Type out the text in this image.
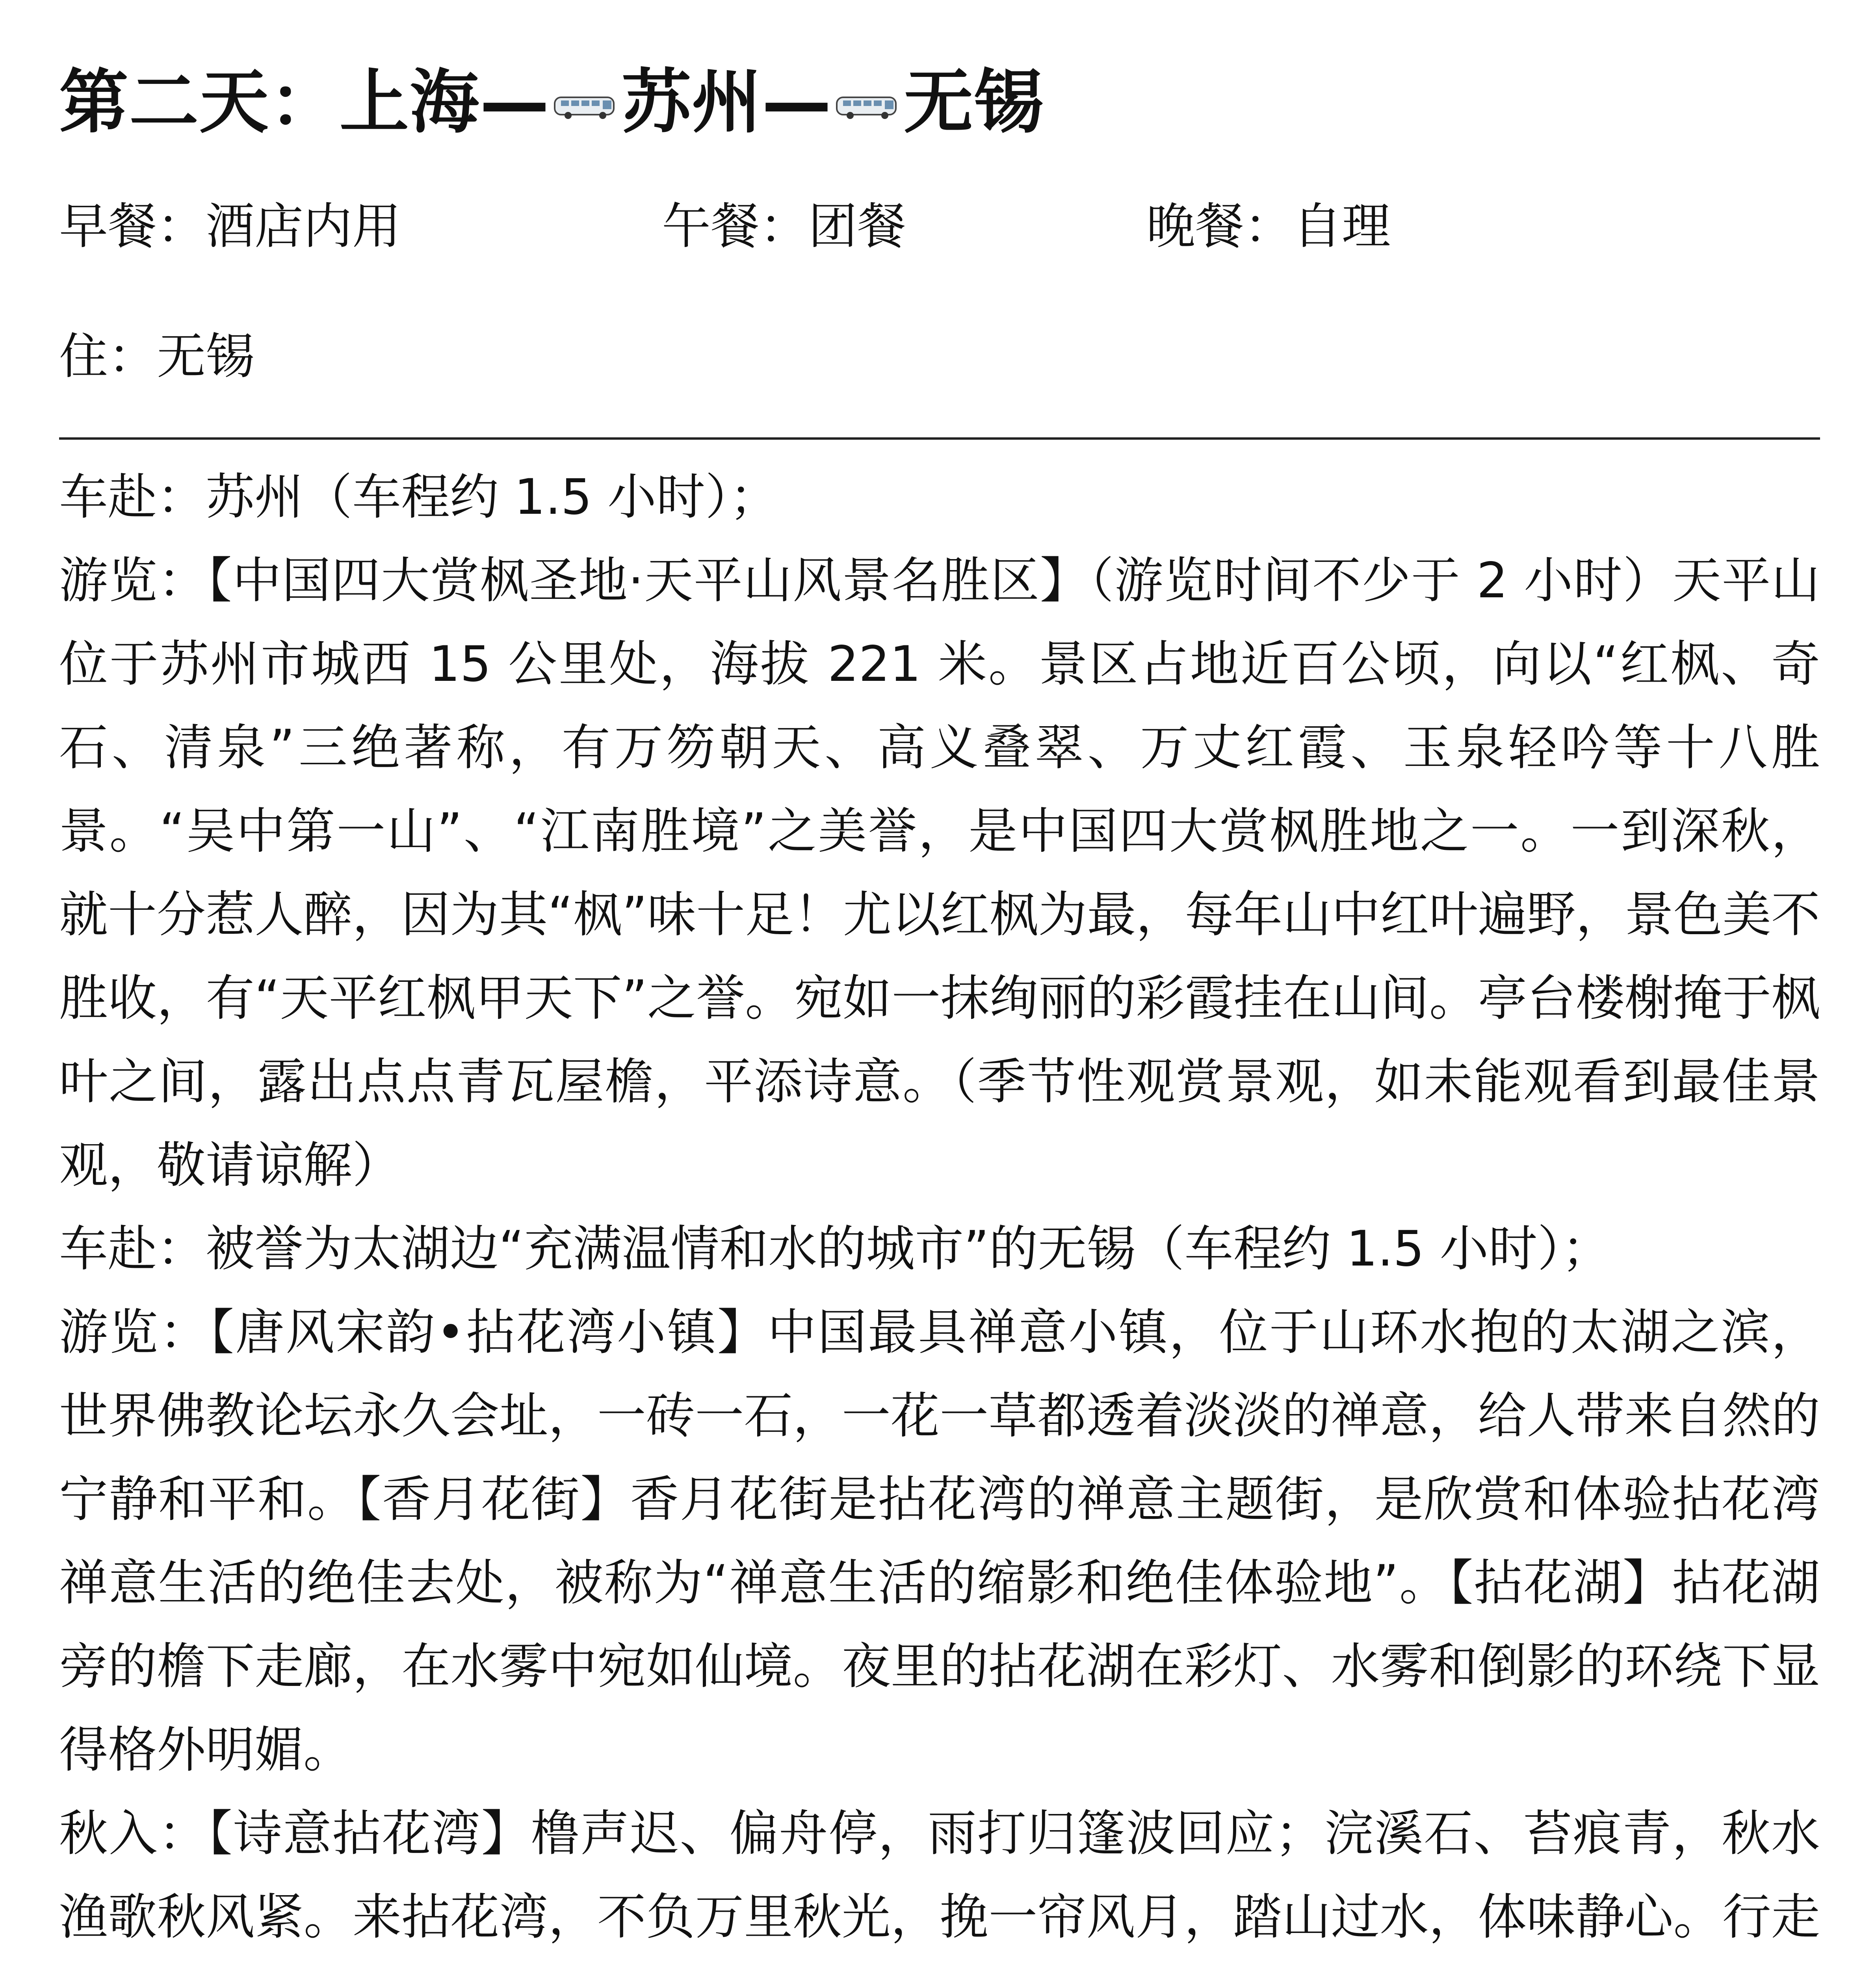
第二天：上海— 苏州— 无锡
早餐：酒店内用	午餐：团餐	晚餐：自理
住：无锡

车赴：苏州（车程约 1.5 小时）；

游览：【中国四大赏枫圣地·天平山风景名胜区】（游览时间不少于 2 小时）天平山位于苏州市城西 15 公里处，海拔 221 米。景区占地近百公顷，向以“红枫、奇石、清泉”三绝著称，有万笏朝天、高义叠翠、万丈红霞、玉泉轻吟等十八胜景。“吴中第一山”、“江南胜境”之美誉，是中国四大赏枫胜地之一。一到深秋，就十分惹人醉，因为其“枫”味十足！尤以红枫为最，每年山中红叶遍野，景色美不胜收，有“天平红枫甲天下”之誉。宛如一抹绚丽的彩霞挂在山间。亭台楼榭掩于枫叶之间，露出点点青瓦屋檐，平添诗意。（季节性观赏景观，如未能观看到最佳景观，敬请谅解）

车赴：被誉为太湖边“充满温情和水的城市”的无锡（车程约 1.5 小时）；

游览：【唐风宋韵•拈花湾小镇】中国最具禅意小镇，位于山环水抱的太湖之滨，世界佛教论坛永久会址，一砖一石，一花一草都透着淡淡的禅意，给人带来自然的宁静和平和。【香月花街】香月花街是拈花湾的禅意主题街，是欣赏和体验拈花湾禅意生活的绝佳去处，被称为“禅意生活的缩影和绝佳体验地”。【拈花湖】拈花湖旁的檐下走廊，在水雾中宛如仙境。夜里的拈花湖在彩灯、水雾和倒影的环绕下显得格外明媚。

秋入：【诗意拈花湾】橹声迟、偏舟停，雨打归篷波回应；浣溪石、苔痕青，秋水渔歌秋风紧。来拈花湾，不负万里秋光，挽一帘风月，踏山过水，体味静心。行走
